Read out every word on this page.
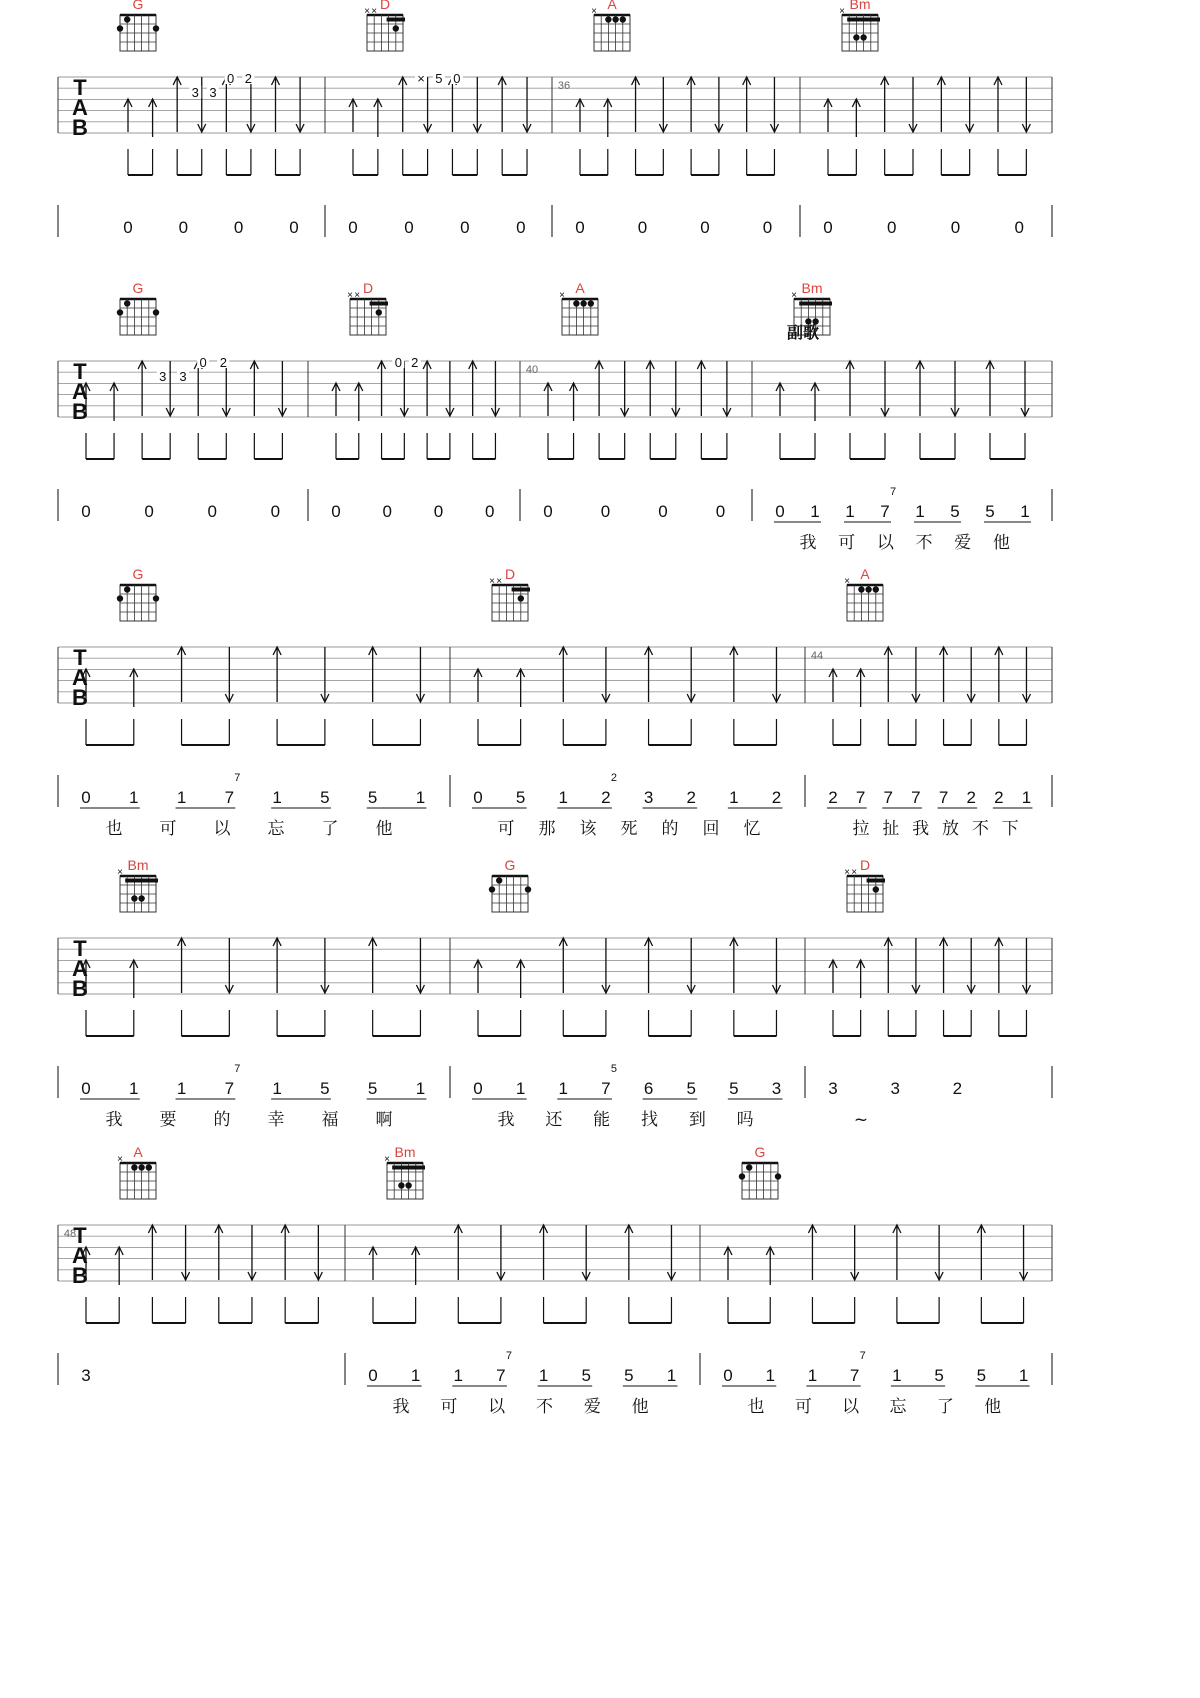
T
A
B
G
3 3
0 2
0	0	0	0
D
× ×
× 5 0
0	0	0	0
A
×
36
0	0	0	0
Bm
×
0	0	0	0
T
A
B
G
3 3
0 2
0	0	0	0
D
× ×
0 2
0 0 0 0
A
×
40
0	0	0	0
Bm
×
0 1 1 7 1 5 5 1
7
我 可 以 不 爱 他
T
A
B
G
0 1 1 7 1 5 5 1
7
也 可 以 忘 了 他
D
× ×
0 5 1 2 3 2 1 2
2
可 那 该 死 的 回 忆
A
×
44
2 7 7 7 7 2 2 1
拉 扯 我 放 不 下
T
A
B
Bm
×
0 1 1 7 1 5 5 1
7
我 要 的 幸 福 啊
G
0 1 1 7 6 5 5 3
5
我 还 能 找 到 吗
D
× ×
3	3	2
~
T
A
B
A
×
48
3
Bm
×
0 1 1 7 1 5 5 1
7
我 可 以 不 爱 他
G
0 1 1 7 1 5 5 1
7
也 可 以 忘 了 他
副歌
